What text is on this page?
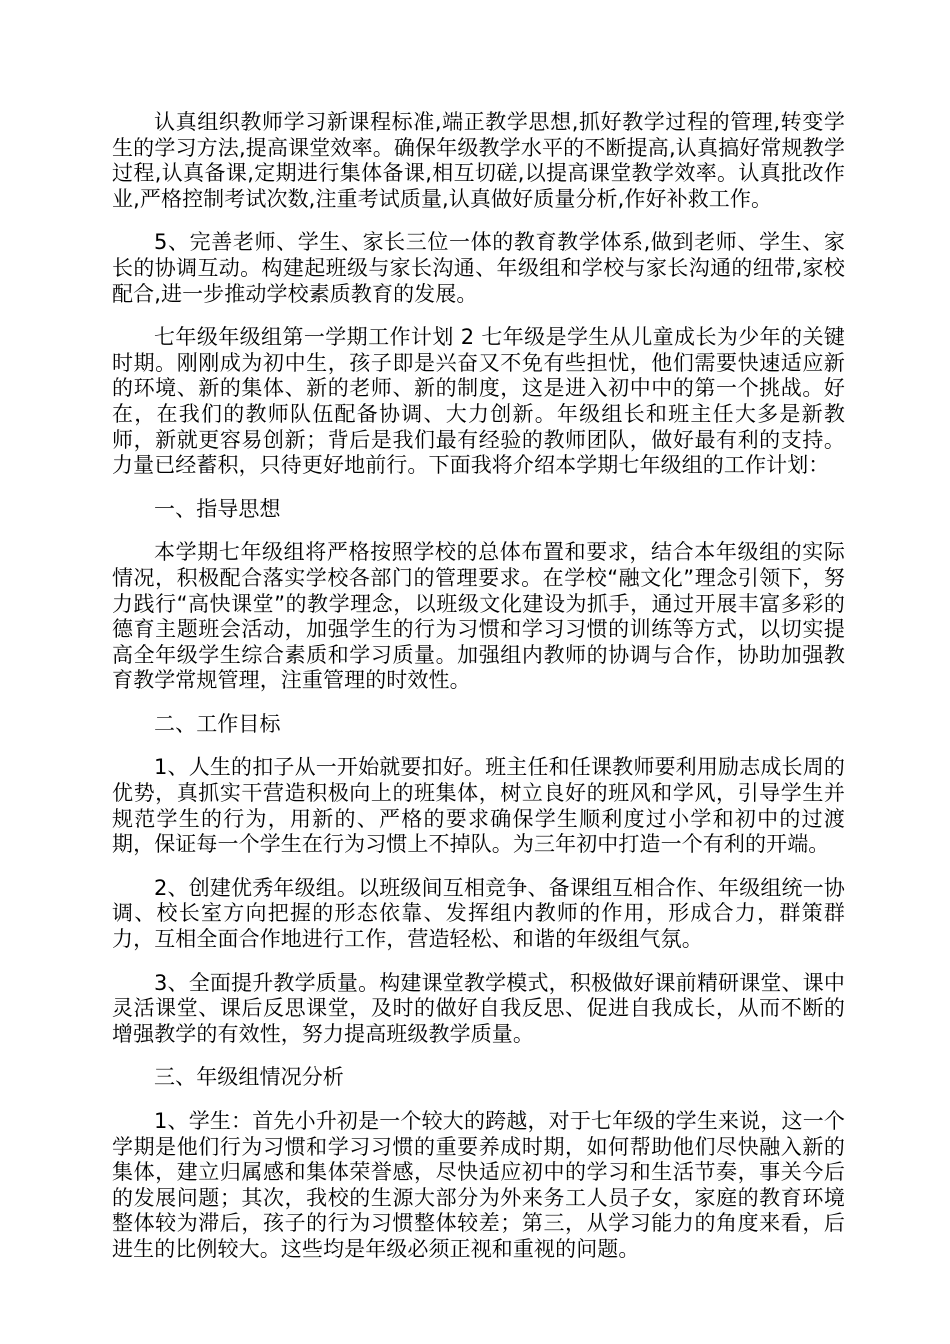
认真组织教师学习新课程标准,端正教学思想,抓好教学过程的管理,转变学生的学习方法,提高课堂效率。确保年级教学水平的不断提高,认真搞好常规教学过程,认真备课,定期进行集体备课,相互切磋,以提高课堂教学效率。认真批改作业,严格控制考试次数,注重考试质量,认真做好质量分析,作好补救工作。

5、完善老师、学生、家长三位一体的教育教学体系,做到老师、学生、家长的协调互动。构建起班级与家长沟通、年级组和学校与家长沟通的纽带,家校配合,进一步推动学校素质教育的发展。

七年级年级组第一学期工作计划 2 七年级是学生从儿童成长为少年的关键时期。刚刚成为初中生，孩子即是兴奋又不免有些担忧，他们需要快速适应新的环境、新的集体、新的老师、新的制度，这是进入初中中的第一个挑战。好在，在我们的教师队伍配备协调、大力创新。年级组长和班主任大多是新教师，新就更容易创新；背后是我们最有经验的教师团队，做好最有利的支持。力量已经蓄积，只待更好地前行。下面我将介绍本学期七年级组的工作计划：

一、指导思想

本学期七年级组将严格按照学校的总体布置和要求，结合本年级组的实际情况，积极配合落实学校各部门的管理要求。在学校“融文化”理念引领下，努力践行“高快课堂”的教学理念，以班级文化建设为抓手，通过开展丰富多彩的德育主题班会活动，加强学生的行为习惯和学习习惯的训练等方式，以切实提高全年级学生综合素质和学习质量。加强组内教师的协调与合作，协助加强教育教学常规管理，注重管理的时效性。

二、工作目标

1、人生的扣子从一开始就要扣好。班主任和任课教师要利用励志成长周的优势，真抓实干营造积极向上的班集体，树立良好的班风和学风，引导学生并规范学生的行为，用新的、严格的要求确保学生顺利度过小学和初中的过渡期，保证每一个学生在行为习惯上不掉队。为三年初中打造一个有利的开端。

2、创建优秀年级组。以班级间互相竞争、备课组互相合作、年级组统一协调、校长室方向把握的形态依靠、发挥组内教师的作用，形成合力，群策群力，互相全面合作地进行工作，营造轻松、和谐的年级组气氛。

3、全面提升教学质量。构建课堂教学模式，积极做好课前精研课堂、课中灵活课堂、课后反思课堂，及时的做好自我反思、促进自我成长，从而不断的增强教学的有效性，努力提高班级教学质量。

三、年级组情况分析

1、学生：首先小升初是一个较大的跨越，对于七年级的学生来说，这一个学期是他们行为习惯和学习习惯的重要养成时期，如何帮助他们尽快融入新的集体，建立归属感和集体荣誉感，尽快适应初中的学习和生活节奏，事关今后的发展问题；其次，我校的生源大部分为外来务工人员子女，家庭的教育环境整体较为滞后，孩子的行为习惯整体较差；第三，从学习能力的角度来看，后进生的比例较大。这些均是年级必须正视和重视的问题。
